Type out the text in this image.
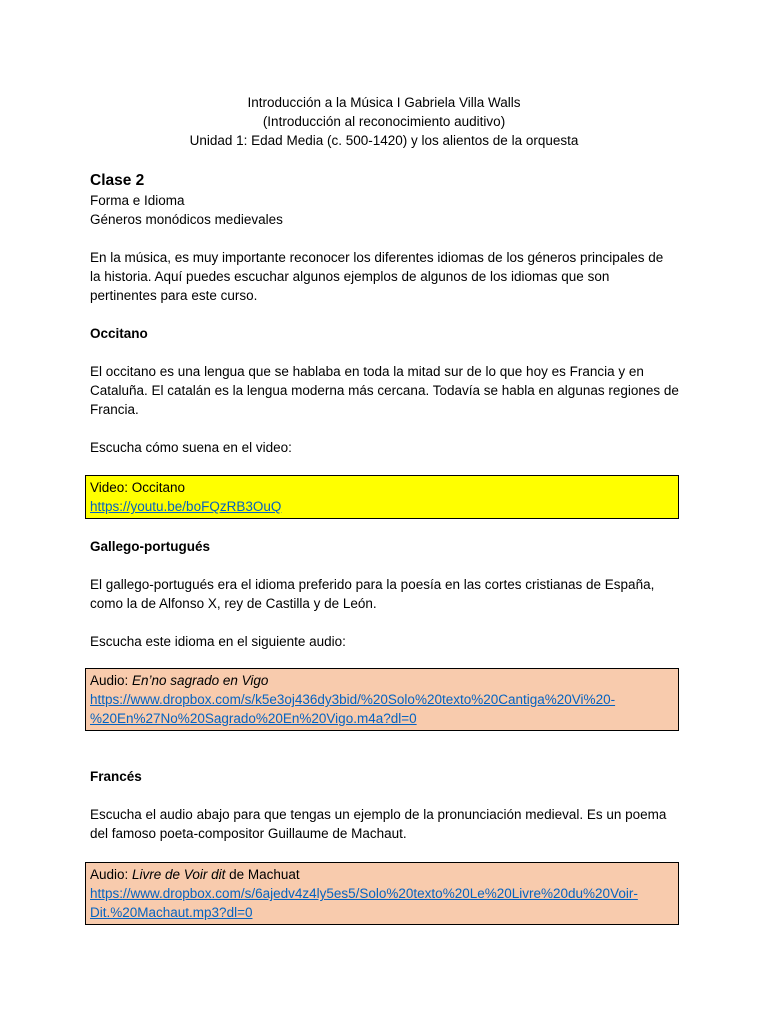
Introducción a la Música I Gabriela Villa Walls
(Introducción al reconocimiento auditivo)
Unidad 1: Edad Media (c. 500-1420) y los alientos de la orquesta
Clase 2
Forma e Idioma
Géneros monódicos medievales
En la música, es muy importante reconocer los diferentes idiomas de los géneros principales de
la historia. Aquí puedes escuchar algunos ejemplos de algunos de los idiomas que son
pertinentes para este curso.
Occitano
El occitano es una lengua que se hablaba en toda la mitad sur de lo que hoy es Francia y en
Cataluña. El catalán es la lengua moderna más cercana. Todavía se habla en algunas regiones de
Francia.
Escucha cómo suena en el video:
Video: Occitano
https://youtu.be/boFQzRB3OuQ
Gallego-portugués
El gallego-portugués era el idioma preferido para la poesía en las cortes cristianas de España,
como la de Alfonso X, rey de Castilla y de León.
Escucha este idioma en el siguiente audio:
Audio: En’no sagrado en Vigo
https://www.dropbox.com/s/k5e3oj436dy3bid/%20Solo%20texto%20Cantiga%20Vi%20-
%20En%27No%20Sagrado%20En%20Vigo.m4a?dl=0
Francés
Escucha el audio abajo para que tengas un ejemplo de la pronunciación medieval. Es un poema
del famoso poeta-compositor Guillaume de Machaut.
Audio: Livre de Voir dit de Machuat
https://www.dropbox.com/s/6ajedv4z4ly5es5/Solo%20texto%20Le%20Livre%20du%20Voir-
Dit.%20Machaut.mp3?dl=0
